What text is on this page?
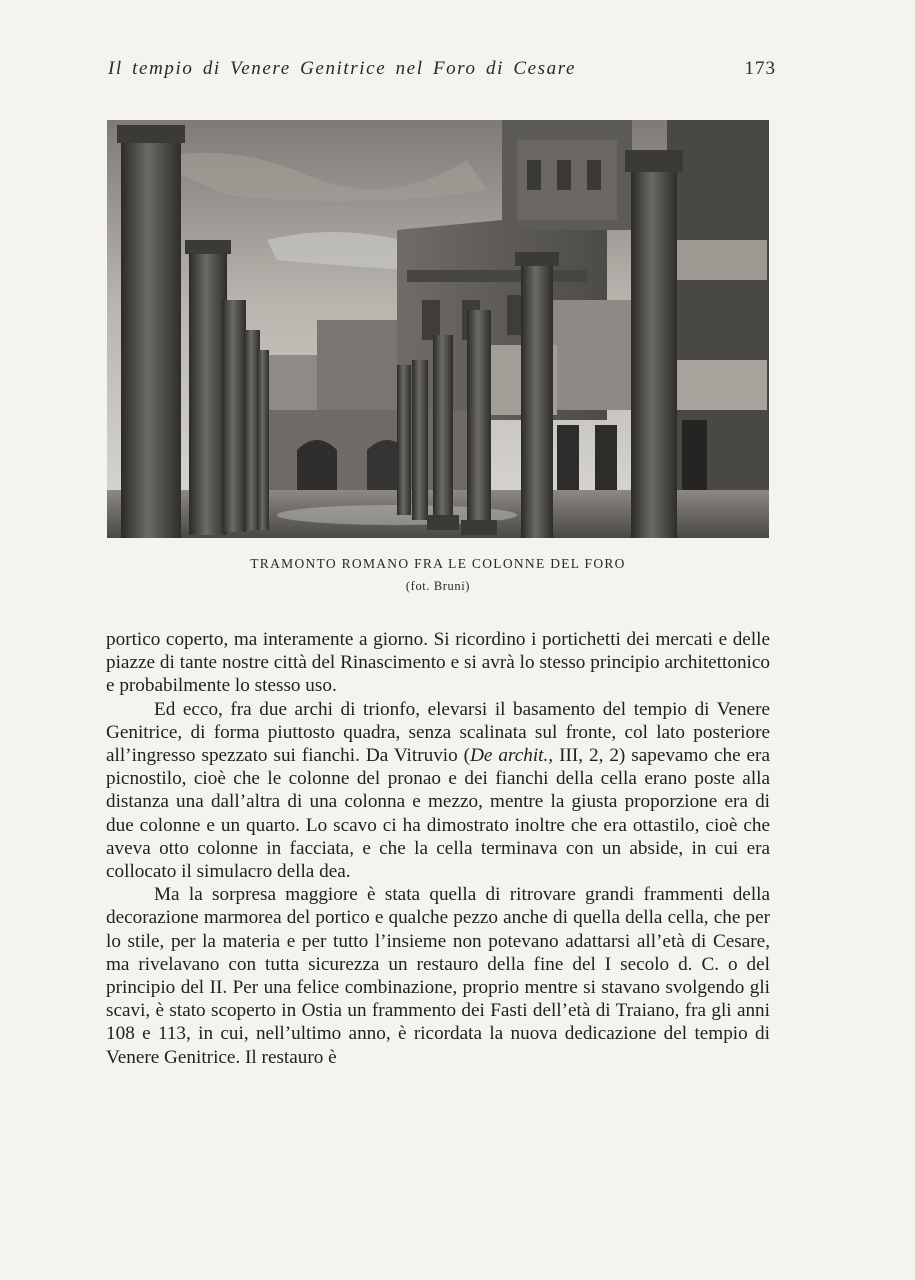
Il tempio di Venere Genitrice nel Foro di Cesare	173
TRAMONTO ROMANO FRA LE COLONNE DEL FORO
(fot. Bruni)

portico coperto, ma interamente a giorno. Si ricordino i portichetti dei mercati e delle piazze di tante nostre città del Rinascimento e si avrà lo stesso principio architettonico e probabilmente lo stesso uso.

Ed ecco, fra due archi di trionfo, elevarsi il basamento del tempio di Venere Genitrice, di forma piuttosto quadra, senza scalinata sul fronte, col lato posteriore all’ingresso spezzato sui fianchi. Da Vitruvio (De archit., III, 2, 2) sapevamo che era picnostilo, cioè che le colonne del pronao e dei fianchi della cella erano poste alla distanza una dall’altra di una colonna e mezzo, mentre la giusta proporzione era di due colonne e un quarto. Lo scavo ci ha dimostrato inoltre che era ottastilo, cioè che aveva otto colonne in facciata, e che la cella terminava con un abside, in cui era collocato il simulacro della dea.

Ma la sorpresa maggiore è stata quella di ritrovare grandi frammenti della decorazione marmorea del portico e qualche pezzo anche di quella della cella, che per lo stile, per la materia e per tutto l’insieme non potevano adattarsi all’età di Cesare, ma rivelavano con tutta sicurezza un restauro della fine del I secolo d. C. o del principio del II. Per una felice combinazione, proprio mentre si stavano svolgendo gli scavi, è stato scoperto in Ostia un frammento dei Fasti dell’età di Traiano, fra gli anni 108 e 113, in cui, nell’ultimo anno, è ricordata la nuova dedicazione del tempio di Venere Genitrice. Il restauro è
